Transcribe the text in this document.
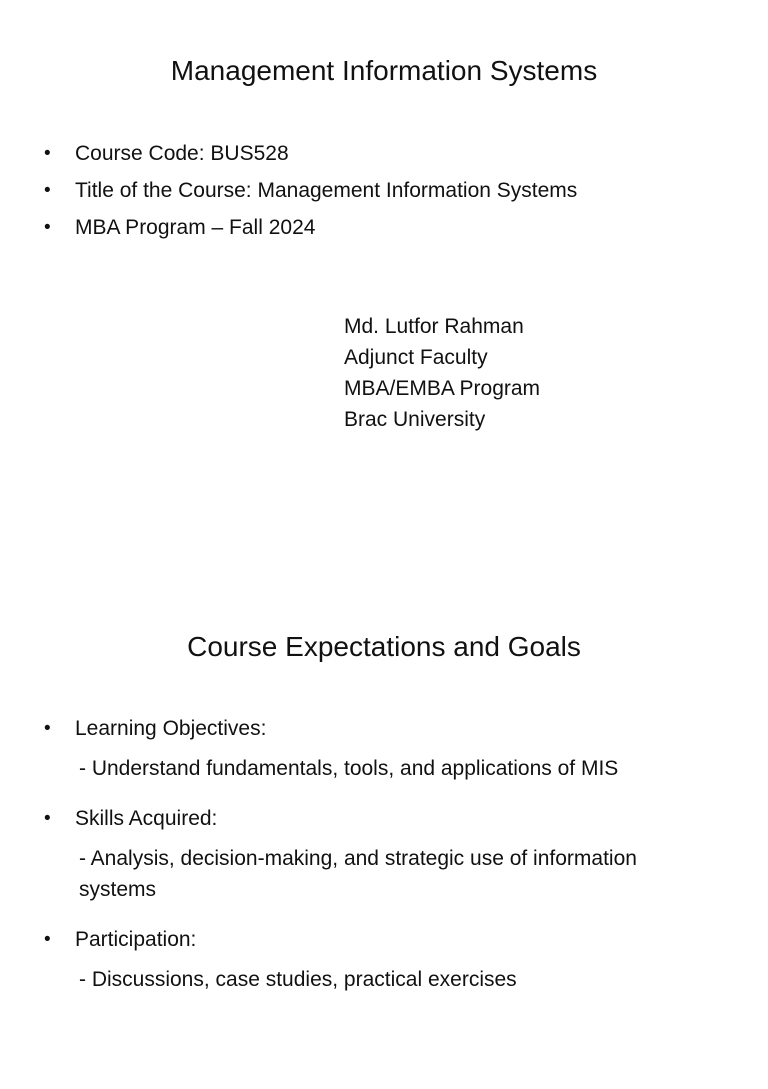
Management Information Systems
• Course Code: BUS528
• Title of the Course: Management Information Systems
• MBA Program – Fall 2024
Md. Lutfor Rahman
Adjunct Faculty
MBA/EMBA Program
Brac University
Course Expectations and Goals
• Learning Objectives:
- Understand fundamentals, tools, and applications of MIS
• Skills Acquired:
- Analysis, decision-making, and strategic use of information systems
• Participation:
- Discussions, case studies, practical exercises
